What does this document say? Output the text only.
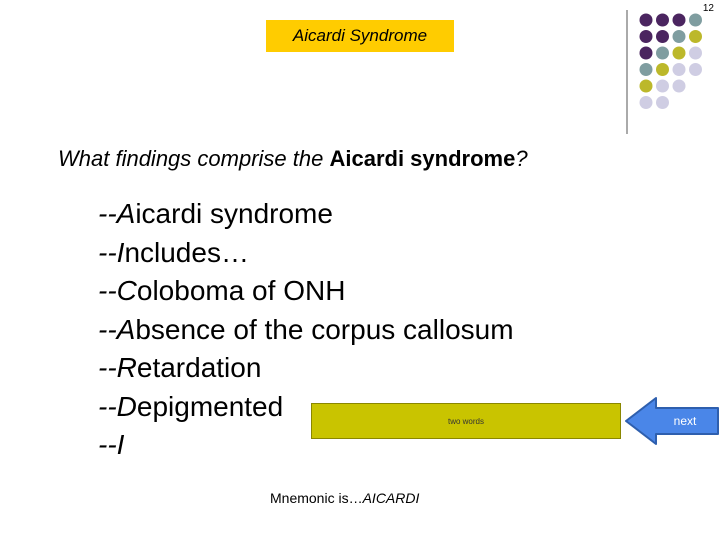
12
Aicardi Syndrome
What findings comprise the Aicardi syndrome?
--Aicardi syndrome
--Includes…
--Coloboma of ONH
--Absence of the corpus callosum
--Retardation
--Depigmented
--I
two words	next
Mnemonic is…AICARDI
